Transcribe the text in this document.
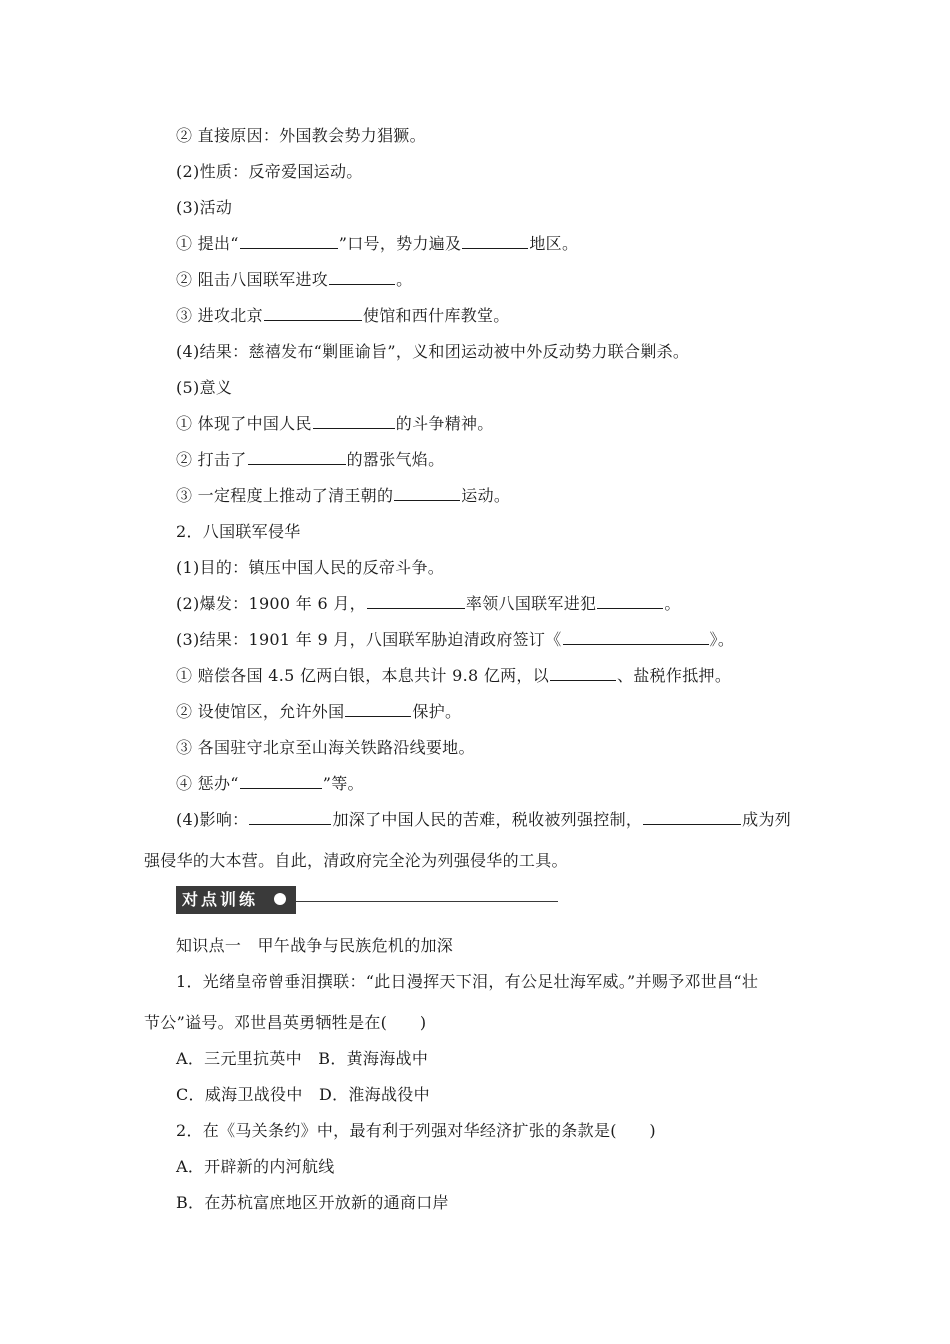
② 直接原因：外国教会势力猖獗。
(2)性质：反帝爱国运动。
(3)活动
① 提出“	”口号，势力遍及	地区。
② 阻击八国联军进攻	。
③ 进攻北京	使馆和西什库教堂。
(4)结果：慈禧发布“剿匪谕旨”，义和团运动被中外反动势力联合剿杀。
(5)意义
① 体现了中国人民	的斗争精神。
② 打击了	的嚣张气焰。
③ 一定程度上推动了清王朝的	运动。
2．八国联军侵华
(1)目的：镇压中国人民的反帝斗争。
(2)爆发：1900 年 6 月，	率领八国联军进犯	。
(3)结果：1901 年 9 月，八国联军胁迫清政府签订《	》。
① 赔偿各国 4.5 亿两白银，本息共计 9.8 亿两，以	、盐税作抵押。
② 设使馆区，允许外国	保护。
③ 各国驻守北京至山海关铁路沿线要地。
④ 惩办“	”等。
(4)影响：	加深了中国人民的苦难，税收被列强控制，	成为列
强侵华的大本营。自此，清政府完全沦为列强侵华的工具。
对点训练
知识点一　甲午战争与民族危机的加深
1．光绪皇帝曾垂泪撰联：“此日漫挥天下泪，有公足壮海军威。”并赐予邓世昌“壮
节公”谥号。邓世昌英勇牺牲是在(　　)
A．三元里抗英中　B．黄海海战中
C．威海卫战役中　D．淮海战役中
2．在《马关条约》中，最有利于列强对华经济扩张的条款是(　　)
A．开辟新的内河航线
B．在苏杭富庶地区开放新的通商口岸
